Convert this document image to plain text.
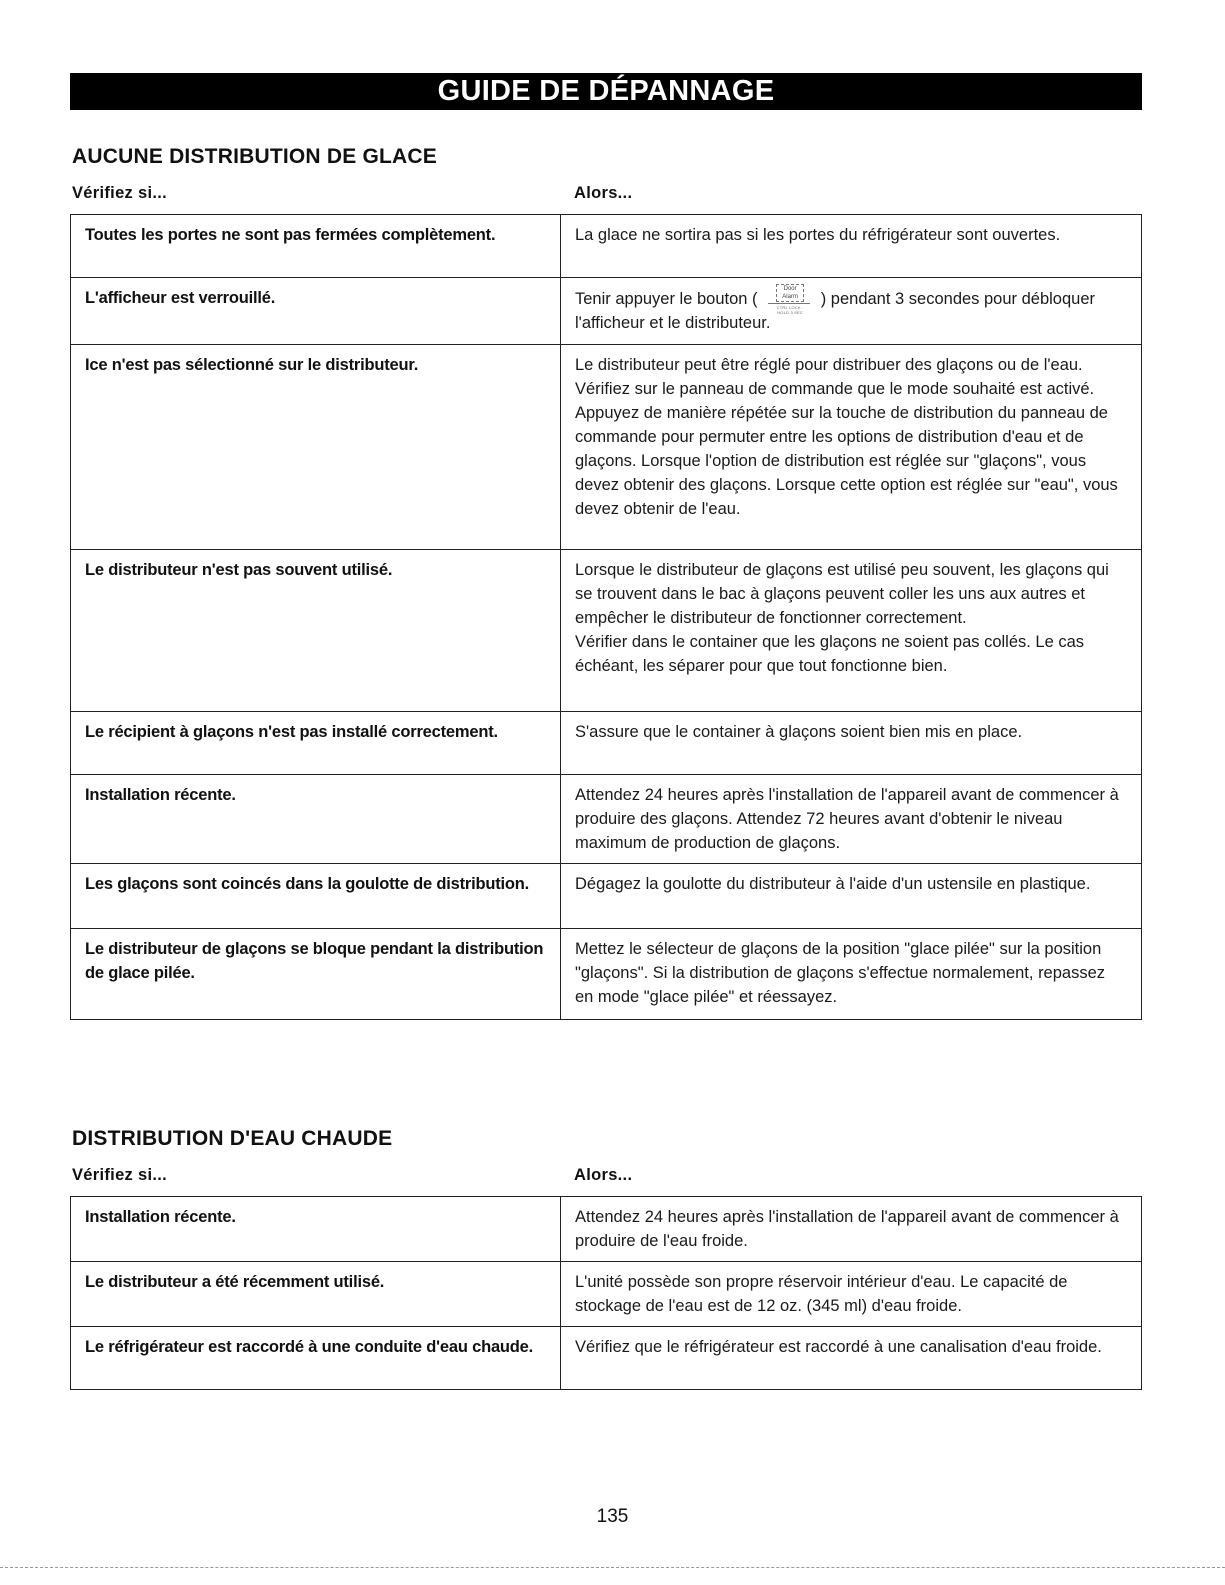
GUIDE DE DÉPANNAGE
AUCUNE DISTRIBUTION DE GLACE
Vérifiez si...	Alors...
Toutes les portes ne sont pas fermées complètement.	La glace ne sortira pas si les portes du réfrigérateur sont ouvertes.
L'afficheur est verrouillé.	Tenir appuyer le bouton (
Door
Alarm
CTRL LOCK · HOLD 3 SEC
) pendant 3 secondes pour débloquer l'afficheur et le distributeur.
Ice n'est pas sélectionné sur le distributeur.	Le distributeur peut être réglé pour distribuer des glaçons ou de l'eau. Vérifiez sur le panneau de commande que le mode souhaité est activé. Appuyez de manière répétée sur la touche de distribution du panneau de commande pour permuter entre les options de distribution d'eau et de glaçons. Lorsque l'option de distribution est réglée sur "glaçons", vous devez obtenir des glaçons. Lorsque cette option est réglée sur "eau", vous devez obtenir de l'eau.
Le distributeur n'est pas souvent utilisé.	Lorsque le distributeur de glaçons est utilisé peu souvent, les glaçons qui se trouvent dans le bac à glaçons peuvent coller les uns aux autres et empêcher le distributeur de fonctionner correctement.
Vérifier dans le container que les glaçons ne soient pas collés. Le cas échéant, les séparer pour que tout fonctionne bien.

Le récipient à glaçons n'est pas installé correctement.	S'assure que le container à glaçons soient bien mis en place.
Installation récente.	Attendez 24 heures après l'installation de l'appareil avant de commencer à produire des glaçons. Attendez 72 heures avant d'obtenir le niveau maximum de production de glaçons.
Les glaçons sont coincés dans la goulotte de distribution.	Dégagez la goulotte du distributeur à l'aide d'un ustensile en plastique.
Le distributeur de glaçons se bloque pendant la distribution de glace pilée.	Mettez le sélecteur de glaçons de la position "glace pilée" sur la position "glaçons". Si la distribution de glaçons s'effectue normalement, repassez en mode "glace pilée" et réessayez.
DISTRIBUTION D'EAU CHAUDE
Vérifiez si...	Alors...
Installation récente.	Attendez 24 heures après l'installation de l'appareil avant de commencer à produire de l'eau froide.
Le distributeur a été récemment utilisé.	L'unité possède son propre réservoir intérieur d'eau. Le capacité de stockage de l'eau est de 12 oz. (345 ml) d'eau froide.
Le réfrigérateur est raccordé à une conduite d'eau chaude.	Vérifiez que le réfrigérateur est raccordé à une canalisation d'eau froide.
135
